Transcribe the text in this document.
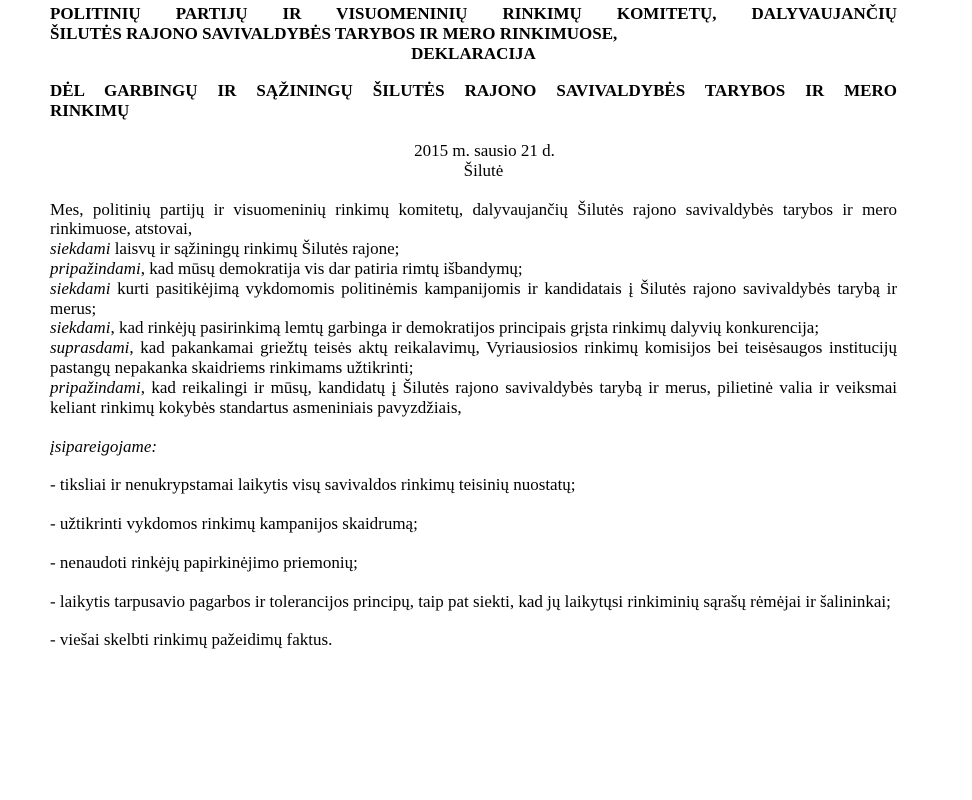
POLITINIŲ PARTIJŲ IR VISUOMENINIŲ RINKIMŲ KOMITETŲ, DALYVAUJANČIŲ

ŠILUTĖS RAJONO SAVIVALDYBĖS TARYBOS IR MERO RINKIMUOSE,

DEKLARACIJA

DĖL GARBINGŲ IR SĄŽININGŲ ŠILUTĖS RAJONO SAVIVALDYBĖS TARYBOS IR MERO

RINKIMŲ

2015 m. sausio 21 d.

Šilutė

Mes, politinių partijų ir visuomeninių rinkimų komitetų, dalyvaujančių Šilutės rajono savivaldybės tarybos ir mero rinkimuose, atstovai,

siekdami laisvų ir sąžiningų rinkimų Šilutės rajone;

pripažindami, kad mūsų demokratija vis dar patiria rimtų išbandymų;

siekdami kurti pasitikėjimą vykdomomis politinėmis kampanijomis ir kandidatais į Šilutės rajono savivaldybės tarybą ir merus;

siekdami, kad rinkėjų pasirinkimą lemtų garbinga ir demokratijos principais grįsta rinkimų dalyvių konkurencija;

suprasdami, kad pakankamai griežtų teisės aktų reikalavimų, Vyriausiosios rinkimų komisijos bei teisėsaugos institucijų pastangų nepakanka skaidriems rinkimams užtikrinti;

pripažindami, kad reikalingi ir mūsų, kandidatų į Šilutės rajono savivaldybės tarybą ir merus, pilietinė valia ir veiksmai keliant rinkimų kokybės standartus asmeniniais pavyzdžiais,

įsipareigojame:

- tiksliai ir nenukrypstamai laikytis visų savivaldos rinkimų teisinių nuostatų;

- užtikrinti vykdomos rinkimų kampanijos skaidrumą;

- nenaudoti rinkėjų papirkinėjimo priemonių;

- laikytis tarpusavio pagarbos ir tolerancijos principų, taip pat siekti, kad jų laikytųsi rinkiminių sąrašų rėmėjai ir šalininkai;

- viešai skelbti rinkimų pažeidimų faktus.
